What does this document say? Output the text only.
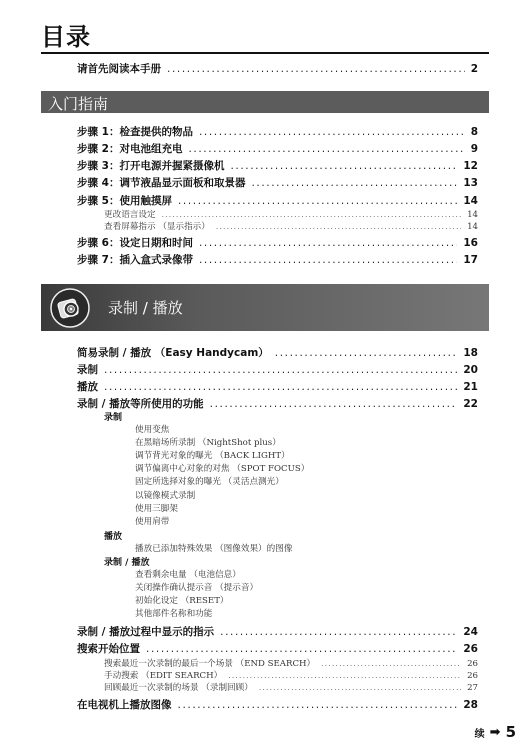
目录
请首先阅读本手册 .....	2
入门指南
步骤 1：检查提供的物品 .....	8
步骤 2：对电池组充电 .....	9
步骤 3：打开电源并握紧摄像机 .....	12
步骤 4：调节液晶显示面板和取景器 .....	13
步骤 5：使用触摸屏 .....	14
更改语言设定 .....	14
查看屏幕指示 （显示指示） .....	14
步骤 6：设定日期和时间 .....	16
步骤 7：插入盒式录像带 .....	17
录制 / 播放
简易录制 / 播放 （Easy Handycam） .....	18
录制 .....	20
播放 .....	21
录制 / 播放等所使用的功能 .....	22
录制
使用变焦
在黑暗场所录制 （NightShot plus）
调节背光对象的曝光 （BACK LIGHT）
调节偏离中心对象的对焦 （SPOT FOCUS）
固定所选择对象的曝光 （灵活点测光）
以镜像模式录制
使用三脚架
使用肩带
播放
播放已添加特殊效果 （图像效果）的图像
录制 / 播放
查看剩余电量 （电池信息）
关闭操作确认提示音 （提示音）
初始化设定 （RESET）
其他部件名称和功能
录制 / 播放过程中显示的指示 .....	24
搜索开始位置 .....	26
搜索最近一次录制的最后一个场景 （END SEARCH） .....	26
手动搜索 （EDIT SEARCH） .....	26
回顾最近一次录制的场景 （录制回顾） .....	27
在电视机上播放图像 .....	28
续 ➡ 5
